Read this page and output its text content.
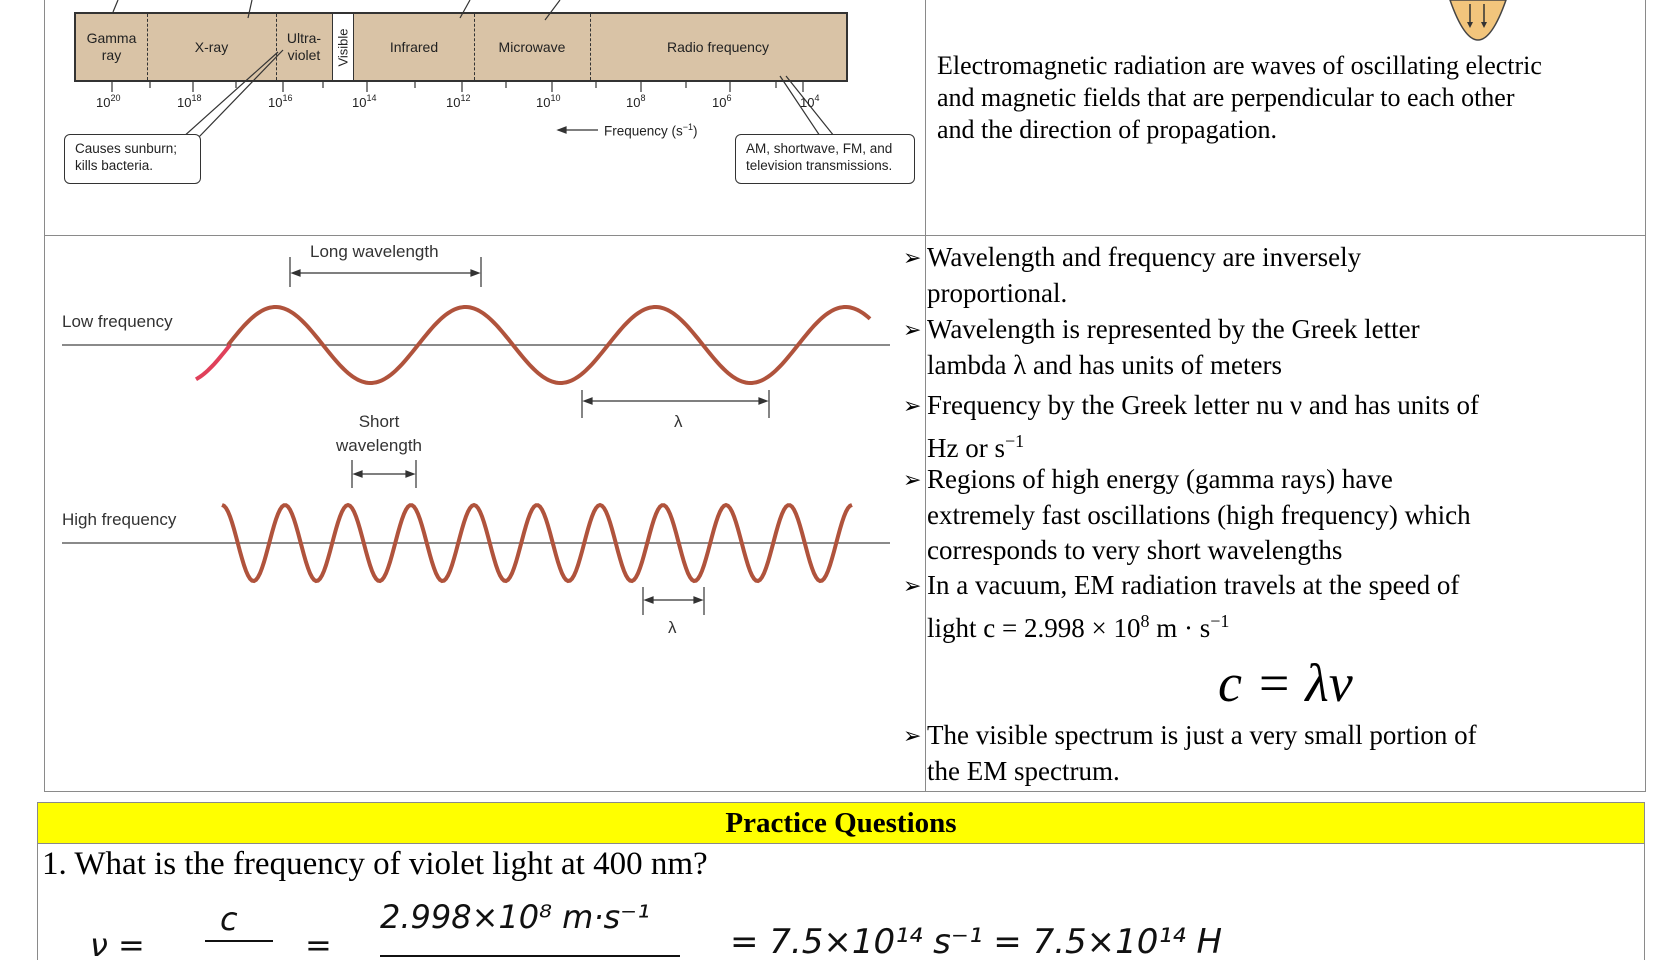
Gamma
ray
X-ray
Ultra-
violet Visible	Infrared	Microwave	Radio frequency
$10^{20}$	$10^{18}$	$10^{16}$	$10^{14}$	$10^{12}$	$10^{10}$	$10^8$	$10^6$	$10^4$
Frequency $(s^{-1})$
Causes sunburn;
kills bacteria.
AM, shortwave, FM, and
television transmissions.
Long wavelength
Low frequency
λ
Short
wavelength
High frequency
λ
Electromagnetic radiation are waves of oscillating electric
and magnetic fields that are perpendicular to each other
and the direction of propagation.
➢ Wavelength and frequency are inversely
proportional.
➢ Wavelength is represented by the Greek letter
lambda λ and has units of meters
➢ Frequency by the Greek letter nu ν and has units of
Hz or $s^{-1}$
➢ Regions of high energy (gamma rays) have
extremely fast oscillations (high frequency) which
corresponds to very short wavelengths
➢ In a vacuum, EM radiation travels at the speed of
light $c = 2.998 \times 10^8$ $m \cdot s^{-1}$
c = λν
➢ The visible spectrum is just a very small portion of
the EM spectrum.
Practice Questions
1. What is the frequency of violet light at 400 nm?
ν =
c
=
2.998×10⁸ m·s⁻¹
= 7.5×10¹⁴ s⁻¹ = 7.5×10¹⁴ H
